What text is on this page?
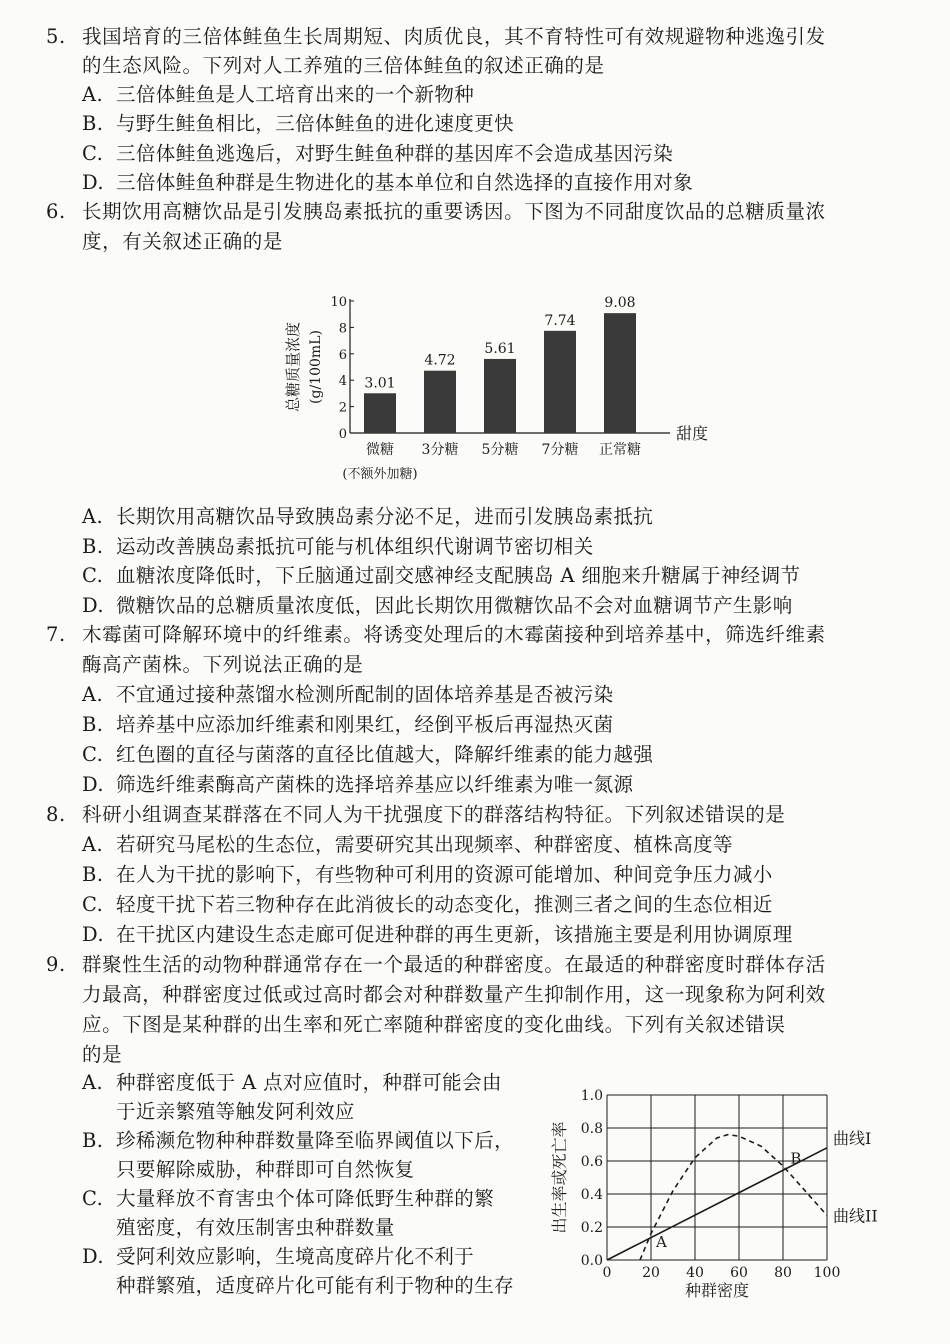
5. 我国培育的三倍体鲑鱼生长周期短、肉质优良，其不育特性可有效规避物种逃逸引发
的生态风险。下列对人工养殖的三倍体鲑鱼的叙述正确的是
A. 三倍体鲑鱼是人工培育出来的一个新物种
B. 与野生鲑鱼相比，三倍体鲑鱼的进化速度更快
C. 三倍体鲑鱼逃逸后，对野生鲑鱼种群的基因库不会造成基因污染
D. 三倍体鲑鱼种群是生物进化的基本单位和自然选择的直接作用对象
6. 长期饮用高糖饮品是引发胰岛素抵抗的重要诱因。下图为不同甜度饮品的总糖质量浓
度，有关叙述正确的是
0
2
4
6
8
10
3.01
微糖
4.72
3分糖
5.61
5分糖
7.74
7分糖
9.08
正常糖
(不额外加糖)
甜度
总糖质量浓度 (g/100mL)
A. 长期饮用高糖饮品导致胰岛素分泌不足，进而引发胰岛素抵抗
B. 运动改善胰岛素抵抗可能与机体组织代谢调节密切相关
C. 血糖浓度降低时，下丘脑通过副交感神经支配胰岛 A 细胞来升糖属于神经调节
D. 微糖饮品的总糖质量浓度低，因此长期饮用微糖饮品不会对血糖调节产生影响
7. 木霉菌可降解环境中的纤维素。将诱变处理后的木霉菌接种到培养基中，筛选纤维素
酶高产菌株。下列说法正确的是
A. 不宜通过接种蒸馏水检测所配制的固体培养基是否被污染
B. 培养基中应添加纤维素和刚果红，经倒平板后再湿热灭菌
C. 红色圈的直径与菌落的直径比值越大，降解纤维素的能力越强
D. 筛选纤维素酶高产菌株的选择培养基应以纤维素为唯一氮源
8. 科研小组调查某群落在不同人为干扰强度下的群落结构特征。下列叙述错误的是
A. 若研究马尾松的生态位，需要研究其出现频率、种群密度、植株高度等
B. 在人为干扰的影响下，有些物种可利用的资源可能增加、种间竞争压力减小
C. 轻度干扰下若三物种存在此消彼长的动态变化，推测三者之间的生态位相近
D. 在干扰区内建设生态走廊可促进种群的再生更新，该措施主要是利用协调原理
9. 群聚性生活的动物种群通常存在一个最适的种群密度。在最适的种群密度时群体存活
力最高，种群密度过低或过高时都会对种群数量产生抑制作用，这一现象称为阿利效
应。下图是某种群的出生率和死亡率随种群密度的变化曲线。下列有关叙述错误
的是
A. 种群密度低于 A 点对应值时，种群可能会由
于近亲繁殖等触发阿利效应
B. 珍稀濒危物种种群数量降至临界阈值以下后，
只要解除威胁，种群即可自然恢复
C. 大量释放不育害虫个体可降低野生种群的繁
殖密度，有效压制害虫种群数量
D. 受阿利效应影响，生境高度碎片化不利于
种群繁殖，适度碎片化可能有利于物种的生存
0 20 40 60 80 100
0.0
0.2
0.4
0.6
0.8
1.0
曲线I
曲线II
A
B
种群密度
出生率或死亡率
